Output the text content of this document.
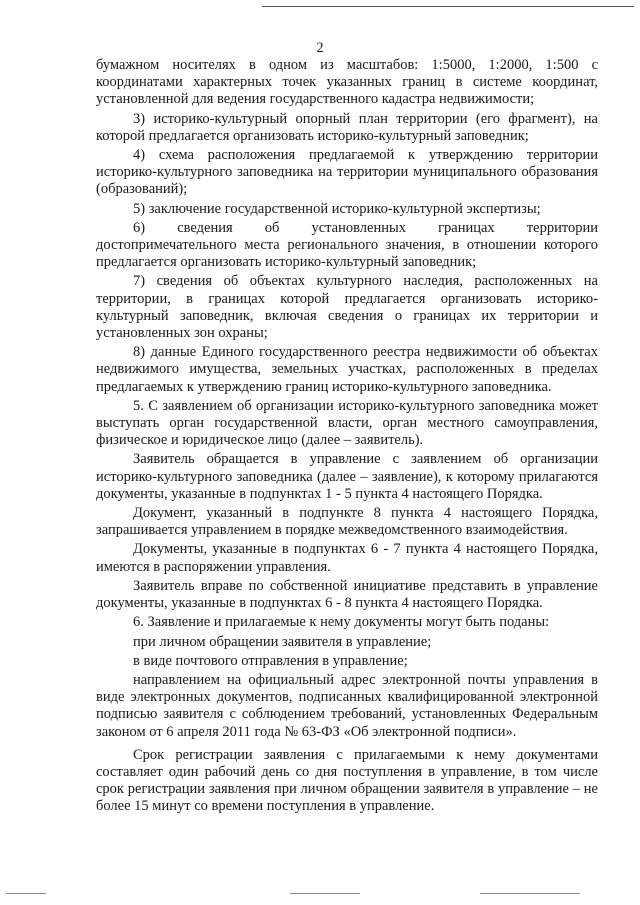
2

бумажном носителях в одном из масштабов: 1:5000, 1:2000, 1:500 с координатами характерных точек указанных границ в системе координат, установленной для ведения государственного кадастра недвижимости;

3) историко-культурный опорный план территории (его фрагмент), на которой предлагается организовать историко-культурный заповедник;

4) схема расположения предлагаемой к утверждению территории историко-культурного заповедника на территории муниципального образования (образований);

5) заключение государственной историко-культурной экспертизы;

6) сведения об установленных границах территории достопримечательного места регионального значения, в отношении которого предлагается организовать историко-культурный заповедник;

7) сведения об объектах культурного наследия, расположенных на территории, в границах которой предлагается организовать историко-культурный заповедник, включая сведения о границах их территории и установленных зон охраны;

8) данные Единого государственного реестра недвижимости об объектах недвижимого имущества, земельных участках, расположенных в пределах предлагаемых к утверждению границ историко-культурного заповедника.

5. С заявлением об организации историко-культурного заповедника может выступать орган государственной власти, орган местного самоуправления, физическое и юридическое лицо (далее – заявитель).

Заявитель обращается в управление с заявлением об организации историко-культурного заповедника (далее – заявление), к которому прилагаются документы, указанные в подпунктах 1 - 5 пункта 4 настоящего Порядка.

Документ, указанный в подпункте 8 пункта 4 настоящего Порядка, запрашивается управлением в порядке межведомственного взаимодействия.

Документы, указанные в подпунктах 6 - 7 пункта 4 настоящего Порядка, имеются в распоряжении управления.

Заявитель вправе по собственной инициативе представить в управление документы, указанные в подпунктах 6 - 8 пункта 4 настоящего Порядка.

6. Заявление и прилагаемые к нему документы могут быть поданы:

при личном обращении заявителя в управление;

в виде почтового отправления в управление;

направлением на официальный адрес электронной почты управления в виде электронных документов, подписанных квалифицированной электронной подписью заявителя с соблюдением требований, установленных Федеральным законом от 6 апреля 2011 года № 63-ФЗ «Об электронной подписи».

Срок регистрации заявления с прилагаемыми к нему документами составляет один рабочий день со дня поступления в управление, в том числе срок регистрации заявления при личном обращении заявителя в управление – не более 15 минут со времени поступления в управление.
